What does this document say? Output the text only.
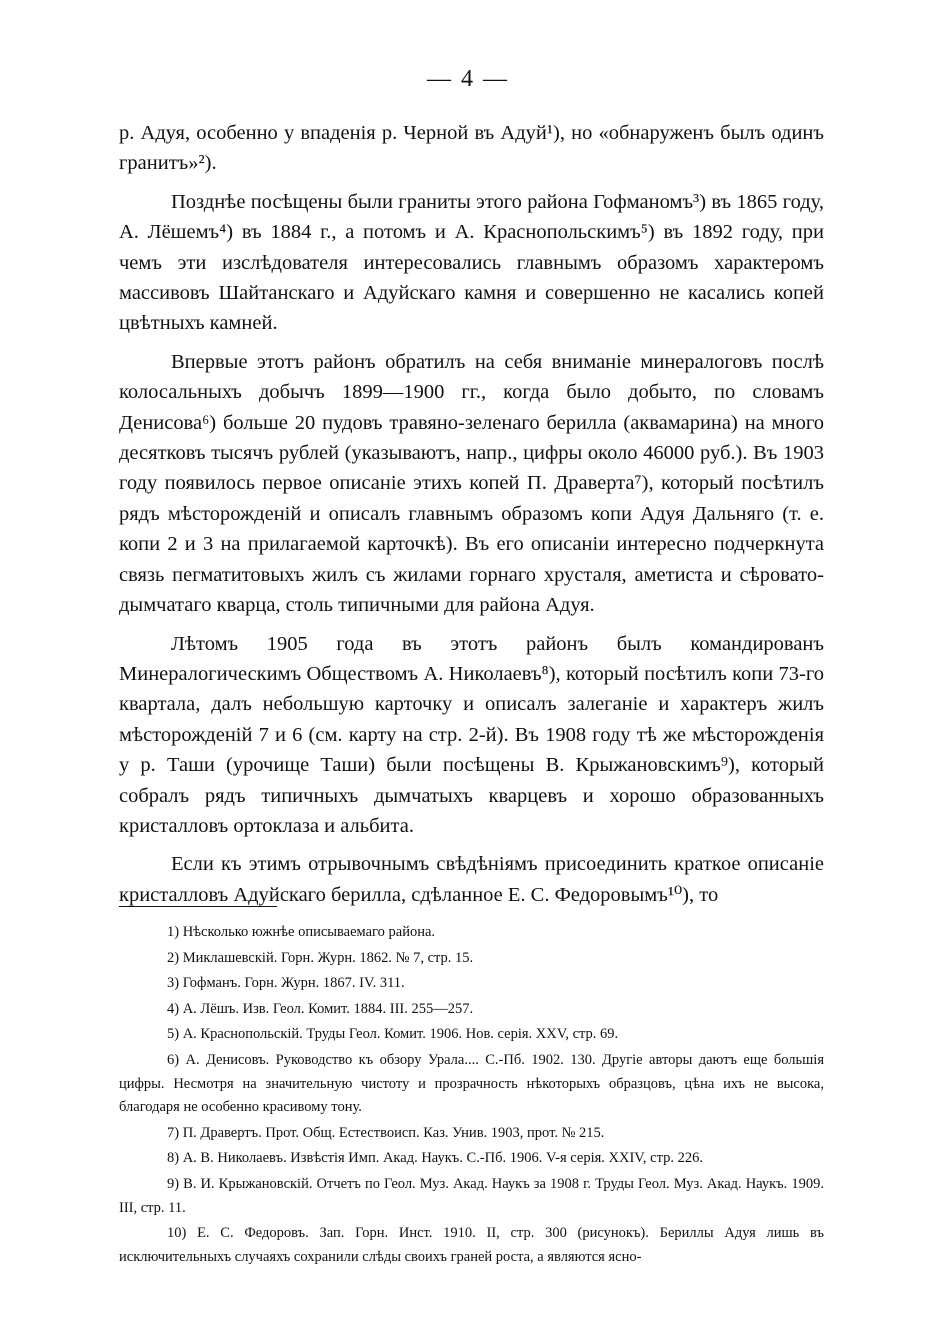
— 4 —

р. Адуя, особенно у впаденія р. Черной въ Адуй¹), но «обнаруженъ былъ одинъ гранитъ»²).

Позднѣе посѣщены были граниты этого района Гофманомъ³) въ 1865 году, А. Лёшемъ⁴) въ 1884 г., а потомъ и А. Краснопольскимъ⁵) въ 1892 году, при чемъ эти изслѣдователя интересовались главнымъ образомъ характеромъ массивовъ Шайтанскаго и Адуйскаго камня и совершенно не касались копей цвѣтныхъ камней.

Впервые этотъ районъ обратилъ на себя вниманіе минералоговъ послѣ колосальныхъ добычъ 1899—1900 гг., когда было добыто, по словамъ Денисова⁶) больше 20 пудовъ травяно-зеленаго берилла (аквамарина) на много десятковъ тысячъ рублей (указываютъ, напр., цифры около 46000 руб.). Въ 1903 году появилось первое описаніе этихъ копей П. Драверта⁷), который посѣтилъ рядъ мѣсторожденій и описалъ главнымъ образомъ копи Адуя Дальняго (т. е. копи 2 и 3 на прилагаемой карточкѣ). Въ его описаніи интересно подчеркнута связь пегматитовыхъ жилъ съ жилами горнаго хрусталя, аметиста и сѣровато-дымчатаго кварца, столь типичными для района Адуя.

Лѣтомъ 1905 года въ этотъ районъ былъ командированъ Минералогическимъ Обществомъ А. Николаевъ⁸), который посѣтилъ копи 73-го квартала, далъ небольшую карточку и описалъ залеганіе и характеръ жилъ мѣсторожденій 7 и 6 (см. карту на стр. 2-й). Въ 1908 году тѣ же мѣсторожденія у р. Таши (урочище Таши) были посѣщены В. Крыжановскимъ⁹), который собралъ рядъ типичныхъ дымчатыхъ кварцевъ и хорошо образованныхъ кристалловъ ортоклаза и альбита.

Если къ этимъ отрывочнымъ свѣдѣніямъ присоединить краткое описаніе кристалловъ Адуйскаго берилла, сдѣланное Е. С. Федоровымъ¹⁰), то

1) Нѣсколько южнѣе описываемаго района.
2) Миклашевскій. Горн. Журн. 1862. № 7, стр. 15.
3) Гофманъ. Горн. Журн. 1867. IV. 311.
4) А. Лёшъ. Изв. Геол. Комит. 1884. III. 255—257.
5) А. Краснопольскій. Труды Геол. Комит. 1906. Нов. серія. XXV, стр. 69.
6) А. Денисовъ. Руководство къ обзору Урала.... С.-Пб. 1902. 130. Другіе авторы даютъ еще большія цифры. Несмотря на значительную чистоту и прозрачность нѣкоторыхъ образцовъ, цѣна ихъ не высока, благодаря не особенно красивому тону.
7) П. Дравертъ. Прот. Общ. Естествоисп. Каз. Унив. 1903, прот. № 215.
8) А. В. Николаевъ. Извѣстія Имп. Акад. Наукъ. С.-Пб. 1906. V-я серія. XXIV, стр. 226.
9) В. И. Крыжановскій. Отчетъ по Геол. Муз. Акад. Наукъ за 1908 г. Труды Геол. Муз. Акад. Наукъ. 1909. III, стр. 11.
10) Е. С. Федоровъ. Зап. Горн. Инст. 1910. II, стр. 300 (рисунокъ). Бериллы Адуя лишь въ исключительныхъ случаяхъ сохранили слѣды своихъ граней роста, а являются ясно-
